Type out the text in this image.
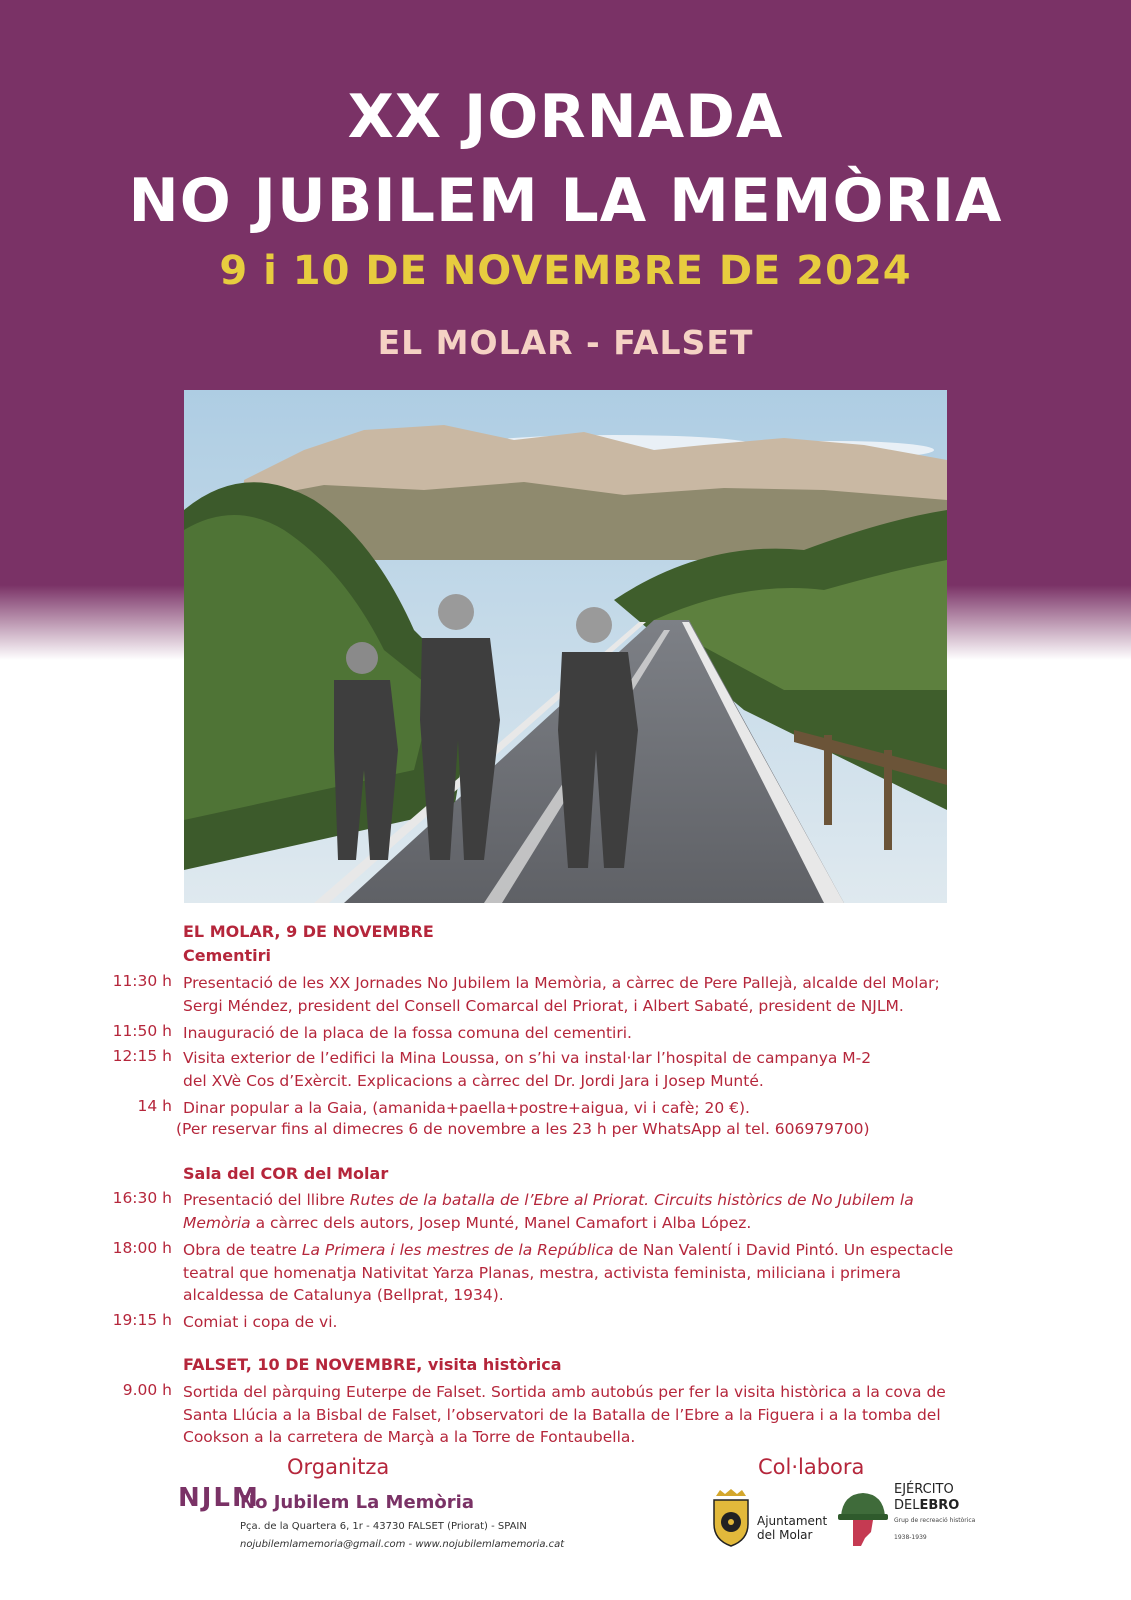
XX JORNADA
NO JUBILEM LA MEMÒRIA
9 i 10 DE NOVEMBRE DE 2024
EL MOLAR - FALSET
EL MOLAR, 9 DE NOVEMBRE
Cementiri
11:30 h Presentació de les XX Jornades No Jubilem la Memòria, a càrrec de Pere Pallejà, alcalde del Molar;
Sergi Méndez, president del Consell Comarcal del Priorat, i Albert Sabaté, president de NJLM.
11:50 h Inauguració de la placa de la fossa comuna del cementiri.
12:15 h Visita exterior de l’edifici la Mina Loussa, on s’hi va instal·lar l’hospital de campanya M-2
del XVè Cos d’Exèrcit. Explicacions a càrrec del Dr. Jordi Jara i Josep Munté.
14 h Dinar popular a la Gaia, (amanida+paella+postre+aigua, vi i cafè; 20 €).
(Per reservar fins al dimecres 6 de novembre a les 23 h per WhatsApp al tel. 606979700)
Sala del COR del Molar
16:30 h Presentació del llibre Rutes de la batalla de l’Ebre al Priorat. Circuits històrics de No Jubilem la
Memòria a càrrec dels autors, Josep Munté, Manel Camafort i Alba López.
18:00 h Obra de teatre La Primera i les mestres de la República de Nan Valentí i David Pintó. Un espectacle
teatral que homenatja Nativitat Yarza Planas, mestra, activista feminista, miliciana i primera
alcaldessa de Catalunya (Bellprat, 1934).
19:15 h Comiat i copa de vi.
FALSET, 10 DE NOVEMBRE, visita històrica
9.00 h Sortida del pàrquing Euterpe de Falset. Sortida amb autobús per fer la visita històrica a la cova de
Santa Llúcia a la Bisbal de Falset, l’observatori de la Batalla de l’Ebre a la Figuera i a la tomba del
Cookson a la carretera de Marçà a la Torre de Fontaubella.
Organitza	Col·labora
NJLM
No Jubilem La Memòria
Pça. de la Quartera 6, 1r - 43730 FALSET (Priorat) - SPAIN
nojubilemlamemoria@gmail.com - www.nojubilemlamemoria.cat
Ajuntament
del Molar
EJÉRCITO
DELEBRO
Grup de recreació històrica
1938-1939
